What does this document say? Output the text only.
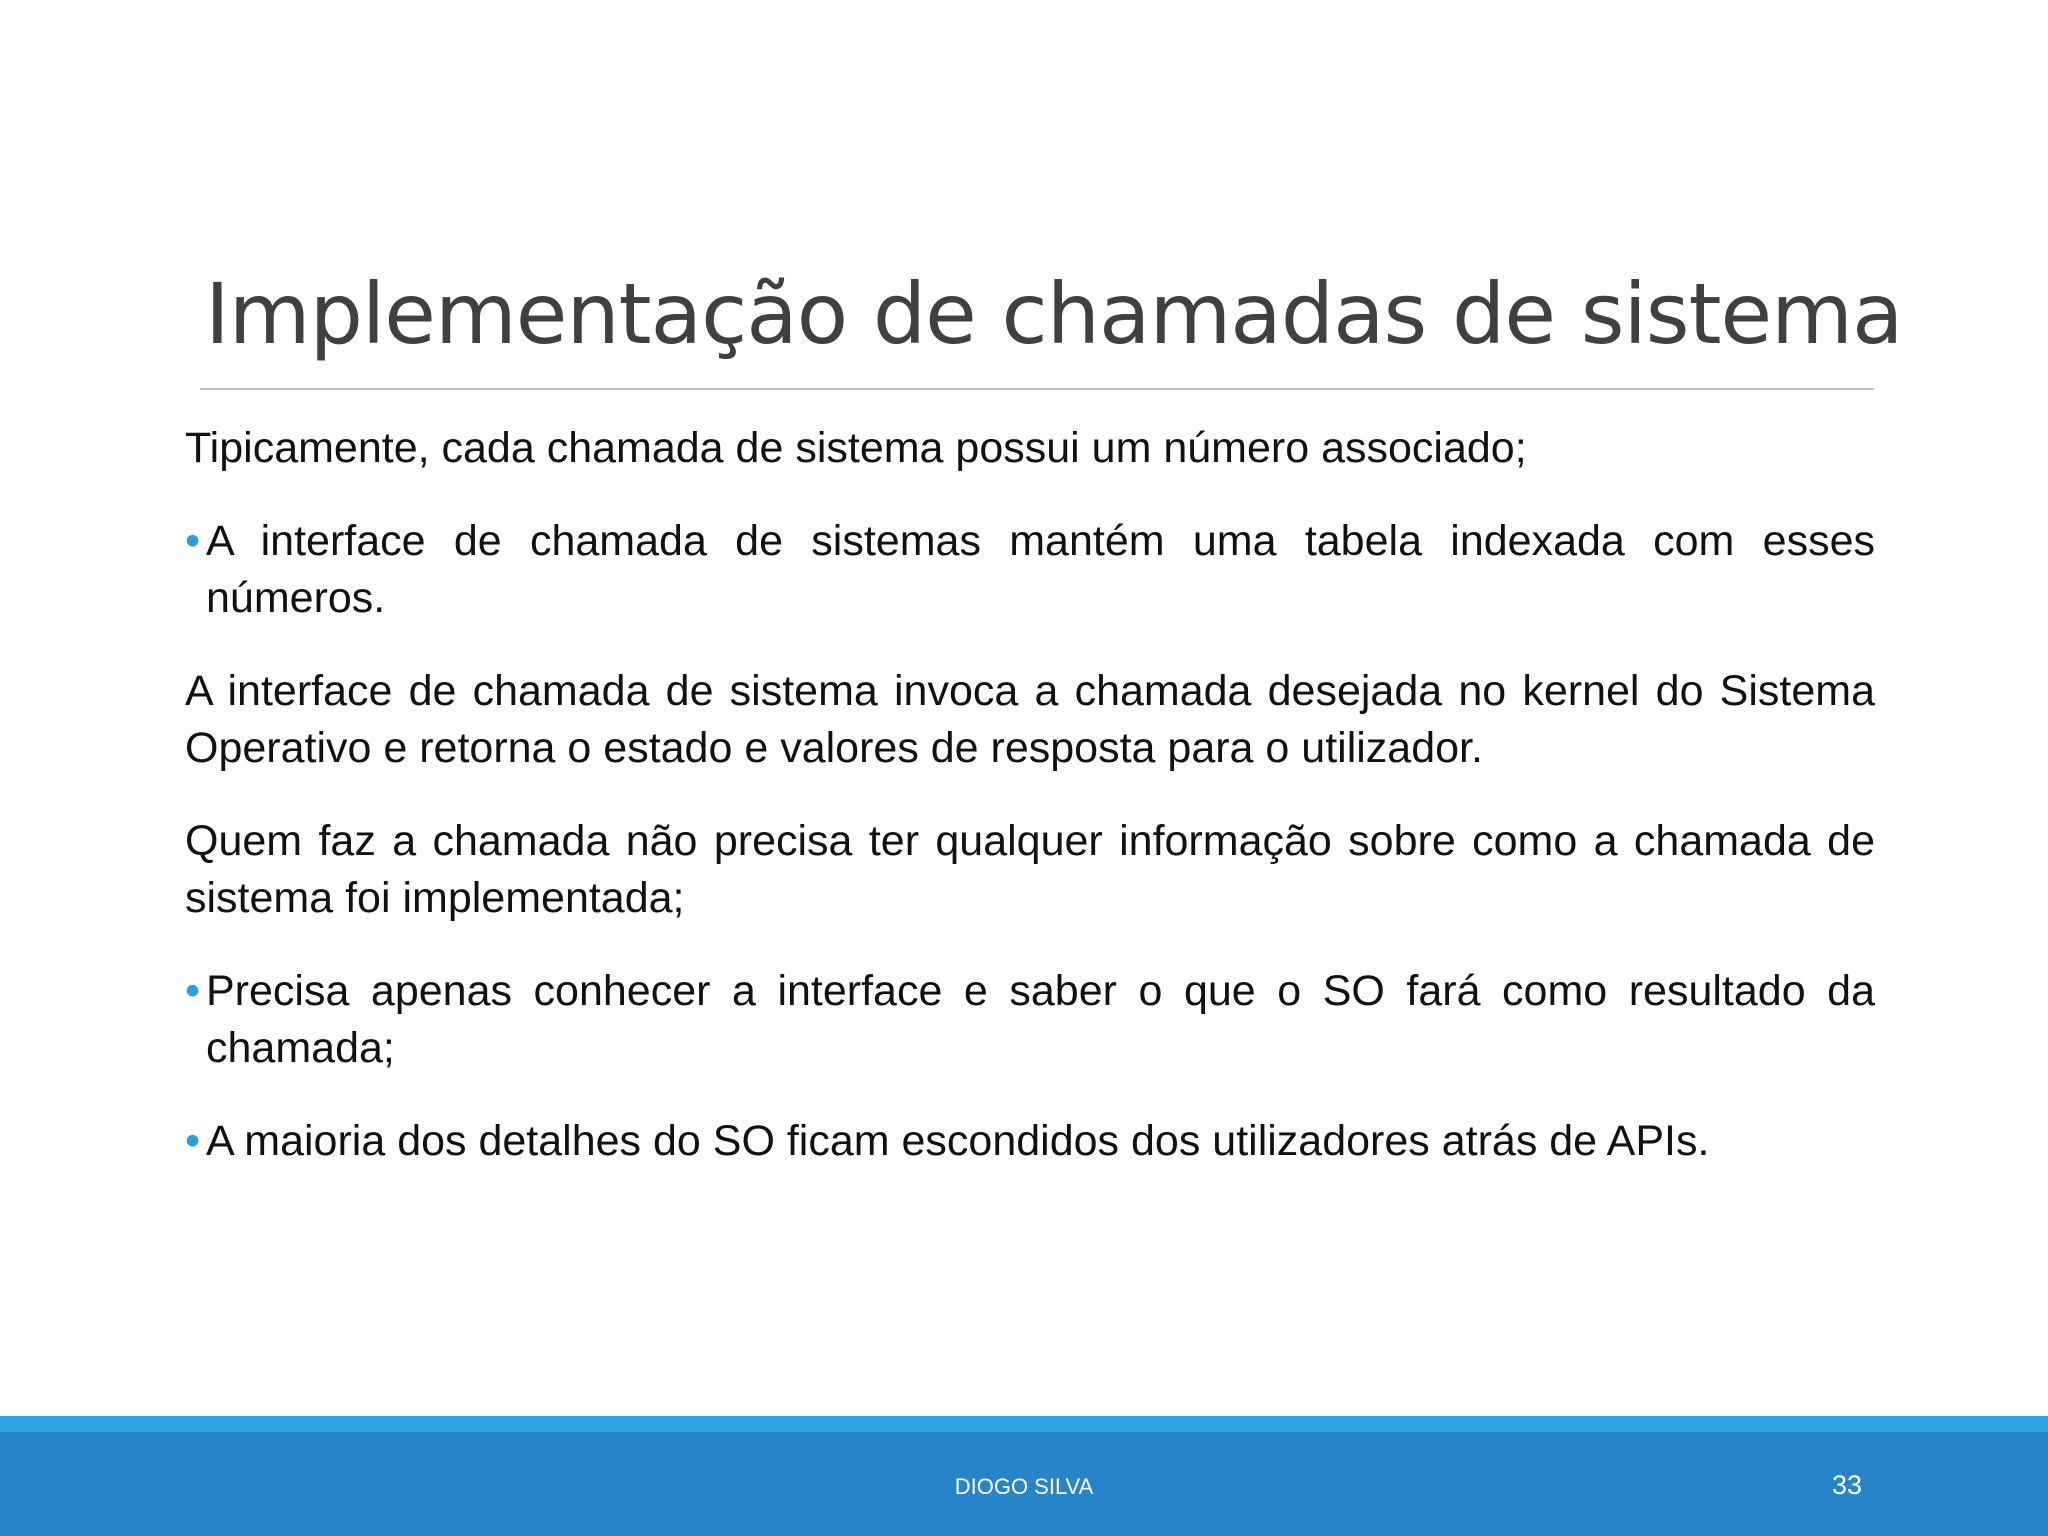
Implementação de chamadas de sistema

Tipicamente, cada chamada de sistema possui um número associado;

• A interface de chamada de sistemas mantém uma tabela indexada com esses números.

A interface de chamada de sistema invoca a chamada desejada no kernel do Sistema Operativo e retorna o estado e valores de resposta para o utilizador.

Quem faz a chamada não precisa ter qualquer informação sobre como a chamada de sistema foi implementada;

• Precisa apenas conhecer a interface e saber o que o SO fará como resultado da chamada;

• A maioria dos detalhes do SO ficam escondidos dos utilizadores atrás de APIs.

DIOGO SILVA	33
